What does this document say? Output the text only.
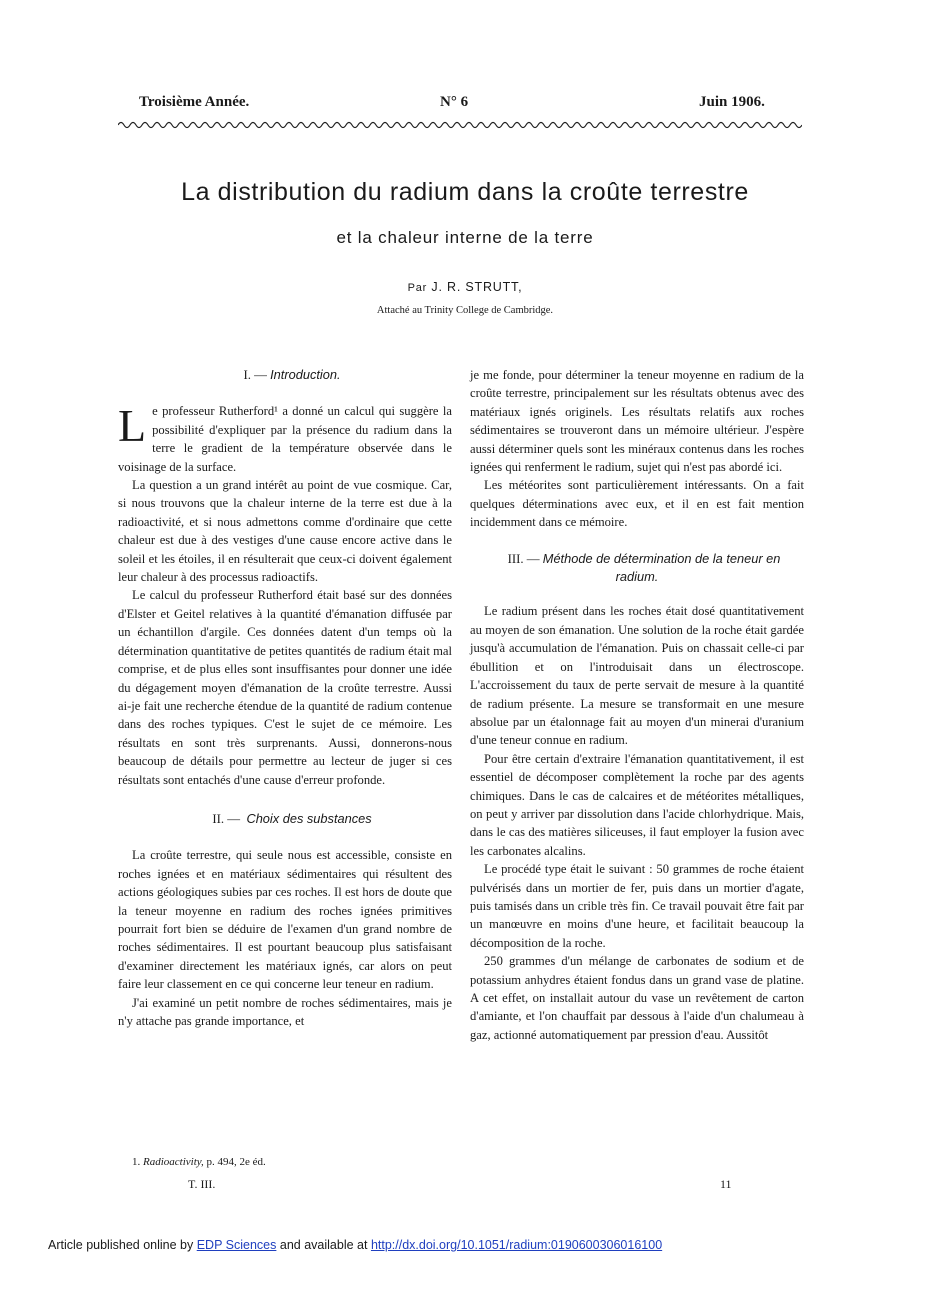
Troisième Année.	N° 6	Juin 1906.
La distribution du radium dans la croûte terrestre
et la chaleur interne de la terre
Par J. R. STRUTT,
Attaché au Trinity College de Cambridge.

I. — Introduction.

L e professeur Rutherford¹ a donné un calcul qui suggère la possibilité d'expliquer par la présence du radium dans la terre le gradient de la température observée dans le voisinage de la surface.

La question a un grand intérêt au point de vue cosmique. Car, si nous trouvons que la chaleur interne de la terre est due à la radioactivité, et si nous admettons comme d'ordinaire que cette chaleur est due à des vestiges d'une cause encore active dans le soleil et les étoiles, il en résulterait que ceux-ci doivent également leur chaleur à des processus radioactifs.

Le calcul du professeur Rutherford était basé sur des données d'Elster et Geitel relatives à la quantité d'émanation diffusée par un échantillon d'argile. Ces données datent d'un temps où la détermination quantitative de petites quantités de radium était mal comprise, et de plus elles sont insuffisantes pour donner une idée du dégagement moyen d'émanation de la croûte terrestre. Aussi ai-je fait une recherche étendue de la quantité de radium contenue dans des roches typiques. C'est le sujet de ce mémoire. Les résultats en sont très surprenants. Aussi, donnerons-nous beaucoup de détails pour permettre au lecteur de juger si ces résultats sont entachés d'une cause d'erreur profonde.

II. — Choix des substances

La croûte terrestre, qui seule nous est accessible, consiste en roches ignées et en matériaux sédimentaires qui résultent des actions géologiques subies par ces roches. Il est hors de doute que la teneur moyenne en radium des roches ignées primitives pourrait fort bien se déduire de l'examen d'un grand nombre de roches sédimentaires. Il est pourtant beaucoup plus satisfaisant d'examiner directement les matériaux ignés, car alors on peut faire leur classement en ce qui concerne leur teneur en radium.

J'ai examiné un petit nombre de roches sédimentaires, mais je n'y attache pas grande importance, et

je me fonde, pour déterminer la teneur moyenne en radium de la croûte terrestre, principalement sur les résultats obtenus avec des matériaux ignés originels. Les résultats relatifs aux roches sédimentaires se trouveront dans un mémoire ultérieur. J'espère aussi déterminer quels sont les minéraux contenus dans les roches ignées qui renferment le radium, sujet qui n'est pas abordé ici.

Les météorites sont particulièrement intéressants. On a fait quelques déterminations avec eux, et il en est fait mention incidemment dans ce mémoire.

III. — Méthode de détermination de la teneur en radium.

Le radium présent dans les roches était dosé quantitativement au moyen de son émanation. Une solution de la roche était gardée jusqu'à accumulation de l'émanation. Puis on chassait celle-ci par ébullition et on l'introduisait dans un électroscope. L'accroissement du taux de perte servait de mesure à la quantité de radium présente. La mesure se transformait en une mesure absolue par un étalonnage fait au moyen d'un minerai d'uranium d'une teneur connue en radium.

Pour être certain d'extraire l'émanation quantitativement, il est essentiel de décomposer complètement la roche par des agents chimiques. Dans le cas de calcaires et de météorites métalliques, on peut y arriver par dissolution dans l'acide chlorhydrique. Mais, dans le cas des matières siliceuses, il faut employer la fusion avec les carbonates alcalins.

Le procédé type était le suivant : 50 grammes de roche étaient pulvérisés dans un mortier de fer, puis dans un mortier d'agate, puis tamisés dans un crible très fin. Ce travail pouvait être fait par un manœuvre en moins d'une heure, et facilitait beaucoup la décomposition de la roche.

250 grammes d'un mélange de carbonates de sodium et de potassium anhydres étaient fondus dans un grand vase de platine. A cet effet, on installait autour du vase un revêtement de carton d'amiante, et l'on chauffait par dessous à l'aide d'un chalumeau à gaz, actionné automatiquement par pression d'eau. Aussitôt

1. Radioactivity, p. 494, 2e éd.
T. III.	11
Article published online by EDP Sciences and available at http://dx.doi.org/10.1051/radium:0190600306016100
